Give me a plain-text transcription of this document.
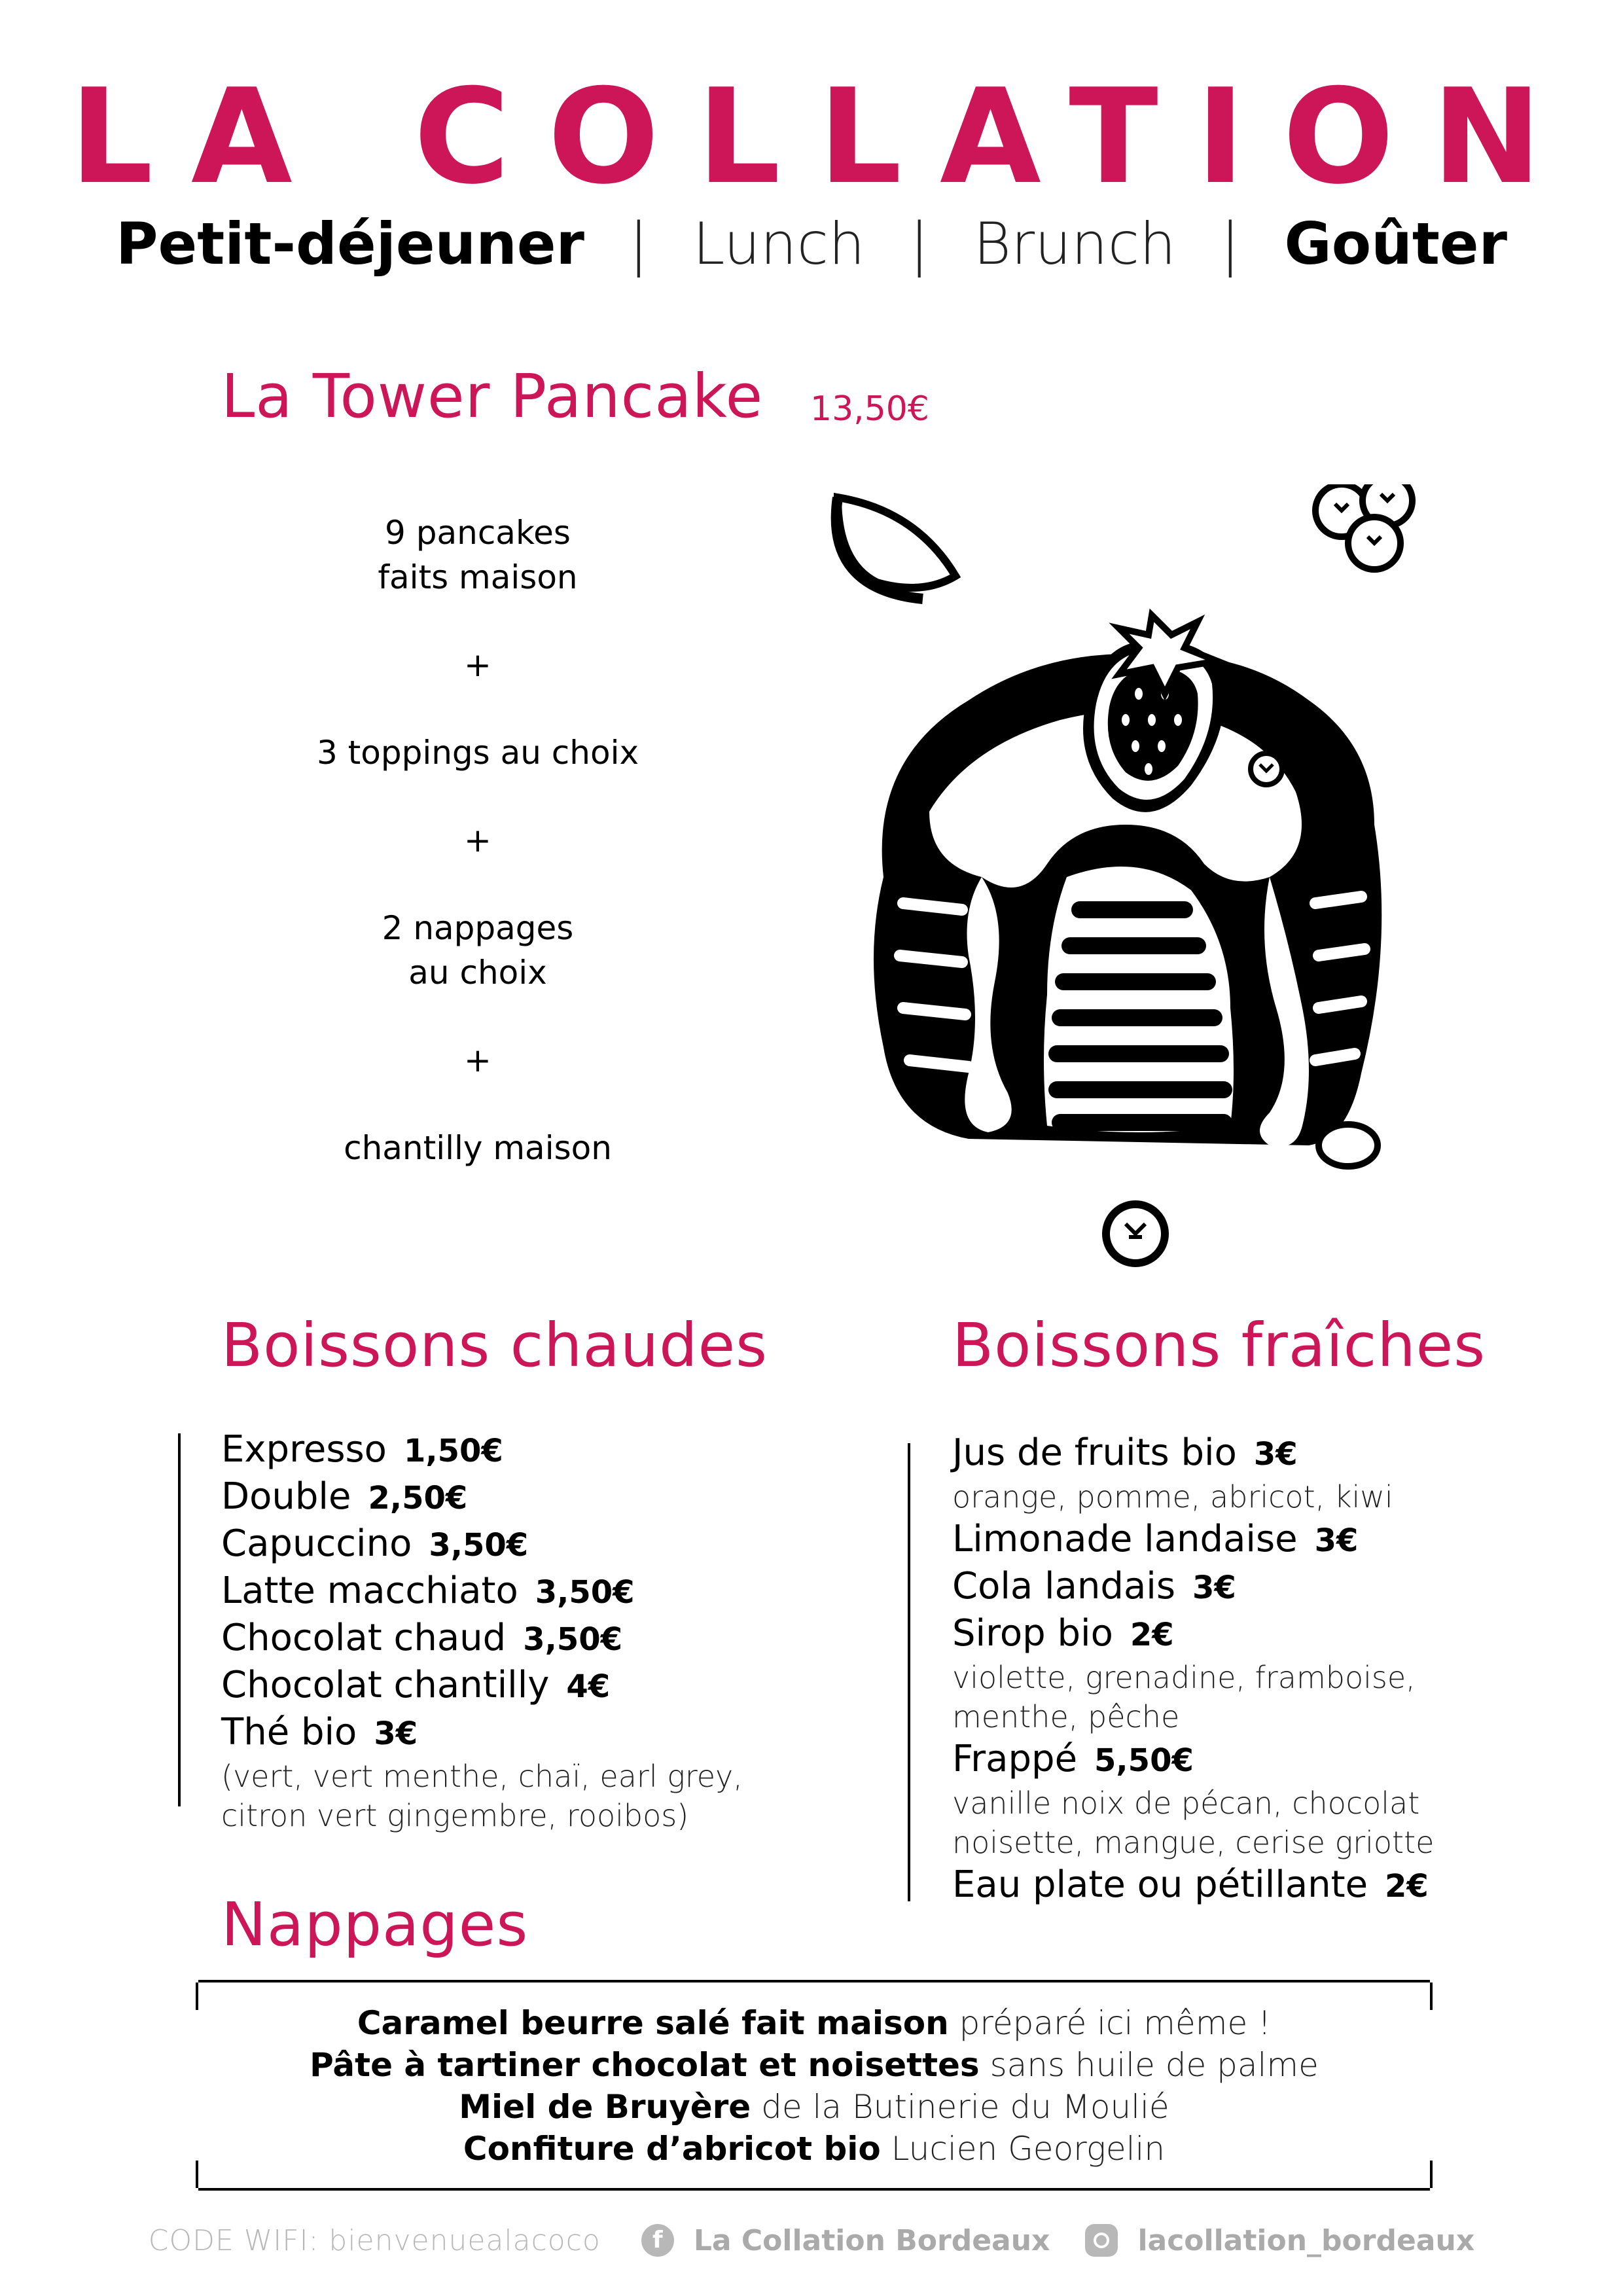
LA COLLATION
Petit-déjeuner | Lunch | Brunch | Goûter
La Tower Pancake 13,50€
9 pancakes
faits maison
+
3 toppings au choix
+
2 nappages
au choix
+
chantilly maison
Boissons chaudes
Expresso 1,50€
Double 2,50€
Capuccino 3,50€
Latte macchiato 3,50€
Chocolat chaud 3,50€
Chocolat chantilly 4€
Thé bio 3€
(vert, vert menthe, chaï, earl grey,
citron vert gingembre, rooibos)
Boissons fraîches
Jus de fruits bio 3€
orange, pomme, abricot, kiwi
Limonade landaise 3€
Cola landais 3€
Sirop bio 2€
violette, grenadine, framboise,
menthe, pêche
Frappé 5,50€
vanille noix de pécan, chocolat
noisette, mangue, cerise griotte
Eau plate ou pétillante 2€
Nappages
Caramel beurre salé fait maison préparé ici même !
Pâte à tartiner chocolat et noisettes sans huile de palme
Miel de Bruyère de la Butinerie du Moulié
Confiture d’abricot bio Lucien Georgelin
CODE WIFI: bienvenuealacoco f La Collation Bordeaux	lacollation_bordeaux
